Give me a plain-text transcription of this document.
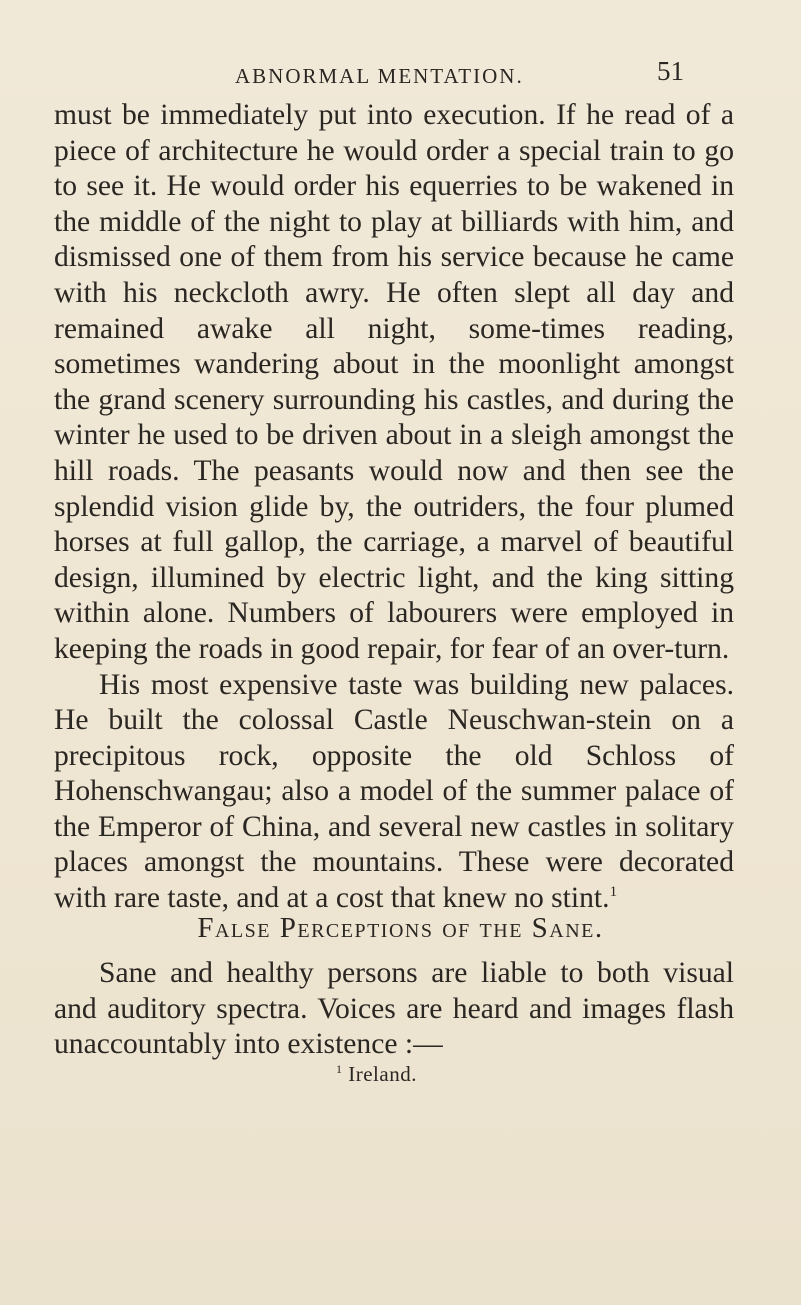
ABNORMAL MENTATION.	51

must be immediately put into execution. If he read of a piece of architecture he would order a special train to go to see it. He would order his equerries to be wakened in the middle of the night to play at billiards with him, and dismissed one of them from his service because he came with his neckcloth awry. He often slept all day and remained awake all night, some-times reading, sometimes wandering about in the moonlight amongst the grand scenery surrounding his castles, and during the winter he used to be driven about in a sleigh amongst the hill roads. The peasants would now and then see the splendid vision glide by, the outriders, the four plumed horses at full gallop, the carriage, a marvel of beautiful design, illumined by electric light, and the king sitting within alone. Numbers of labourers were employed in keeping the roads in good repair, for fear of an over-turn.

His most expensive taste was building new palaces. He built the colossal Castle Neuschwan-stein on a precipitous rock, opposite the old Schloss of Hohenschwangau; also a model of the summer palace of the Emperor of China, and several new castles in solitary places amongst the mountains. These were decorated with rare taste, and at a cost that knew no stint.$^1$

False Perceptions of the Sane.

Sane and healthy persons are liable to both visual and auditory spectra. Voices are heard and images flash unaccountably into existence :—

$^1$ Ireland.
